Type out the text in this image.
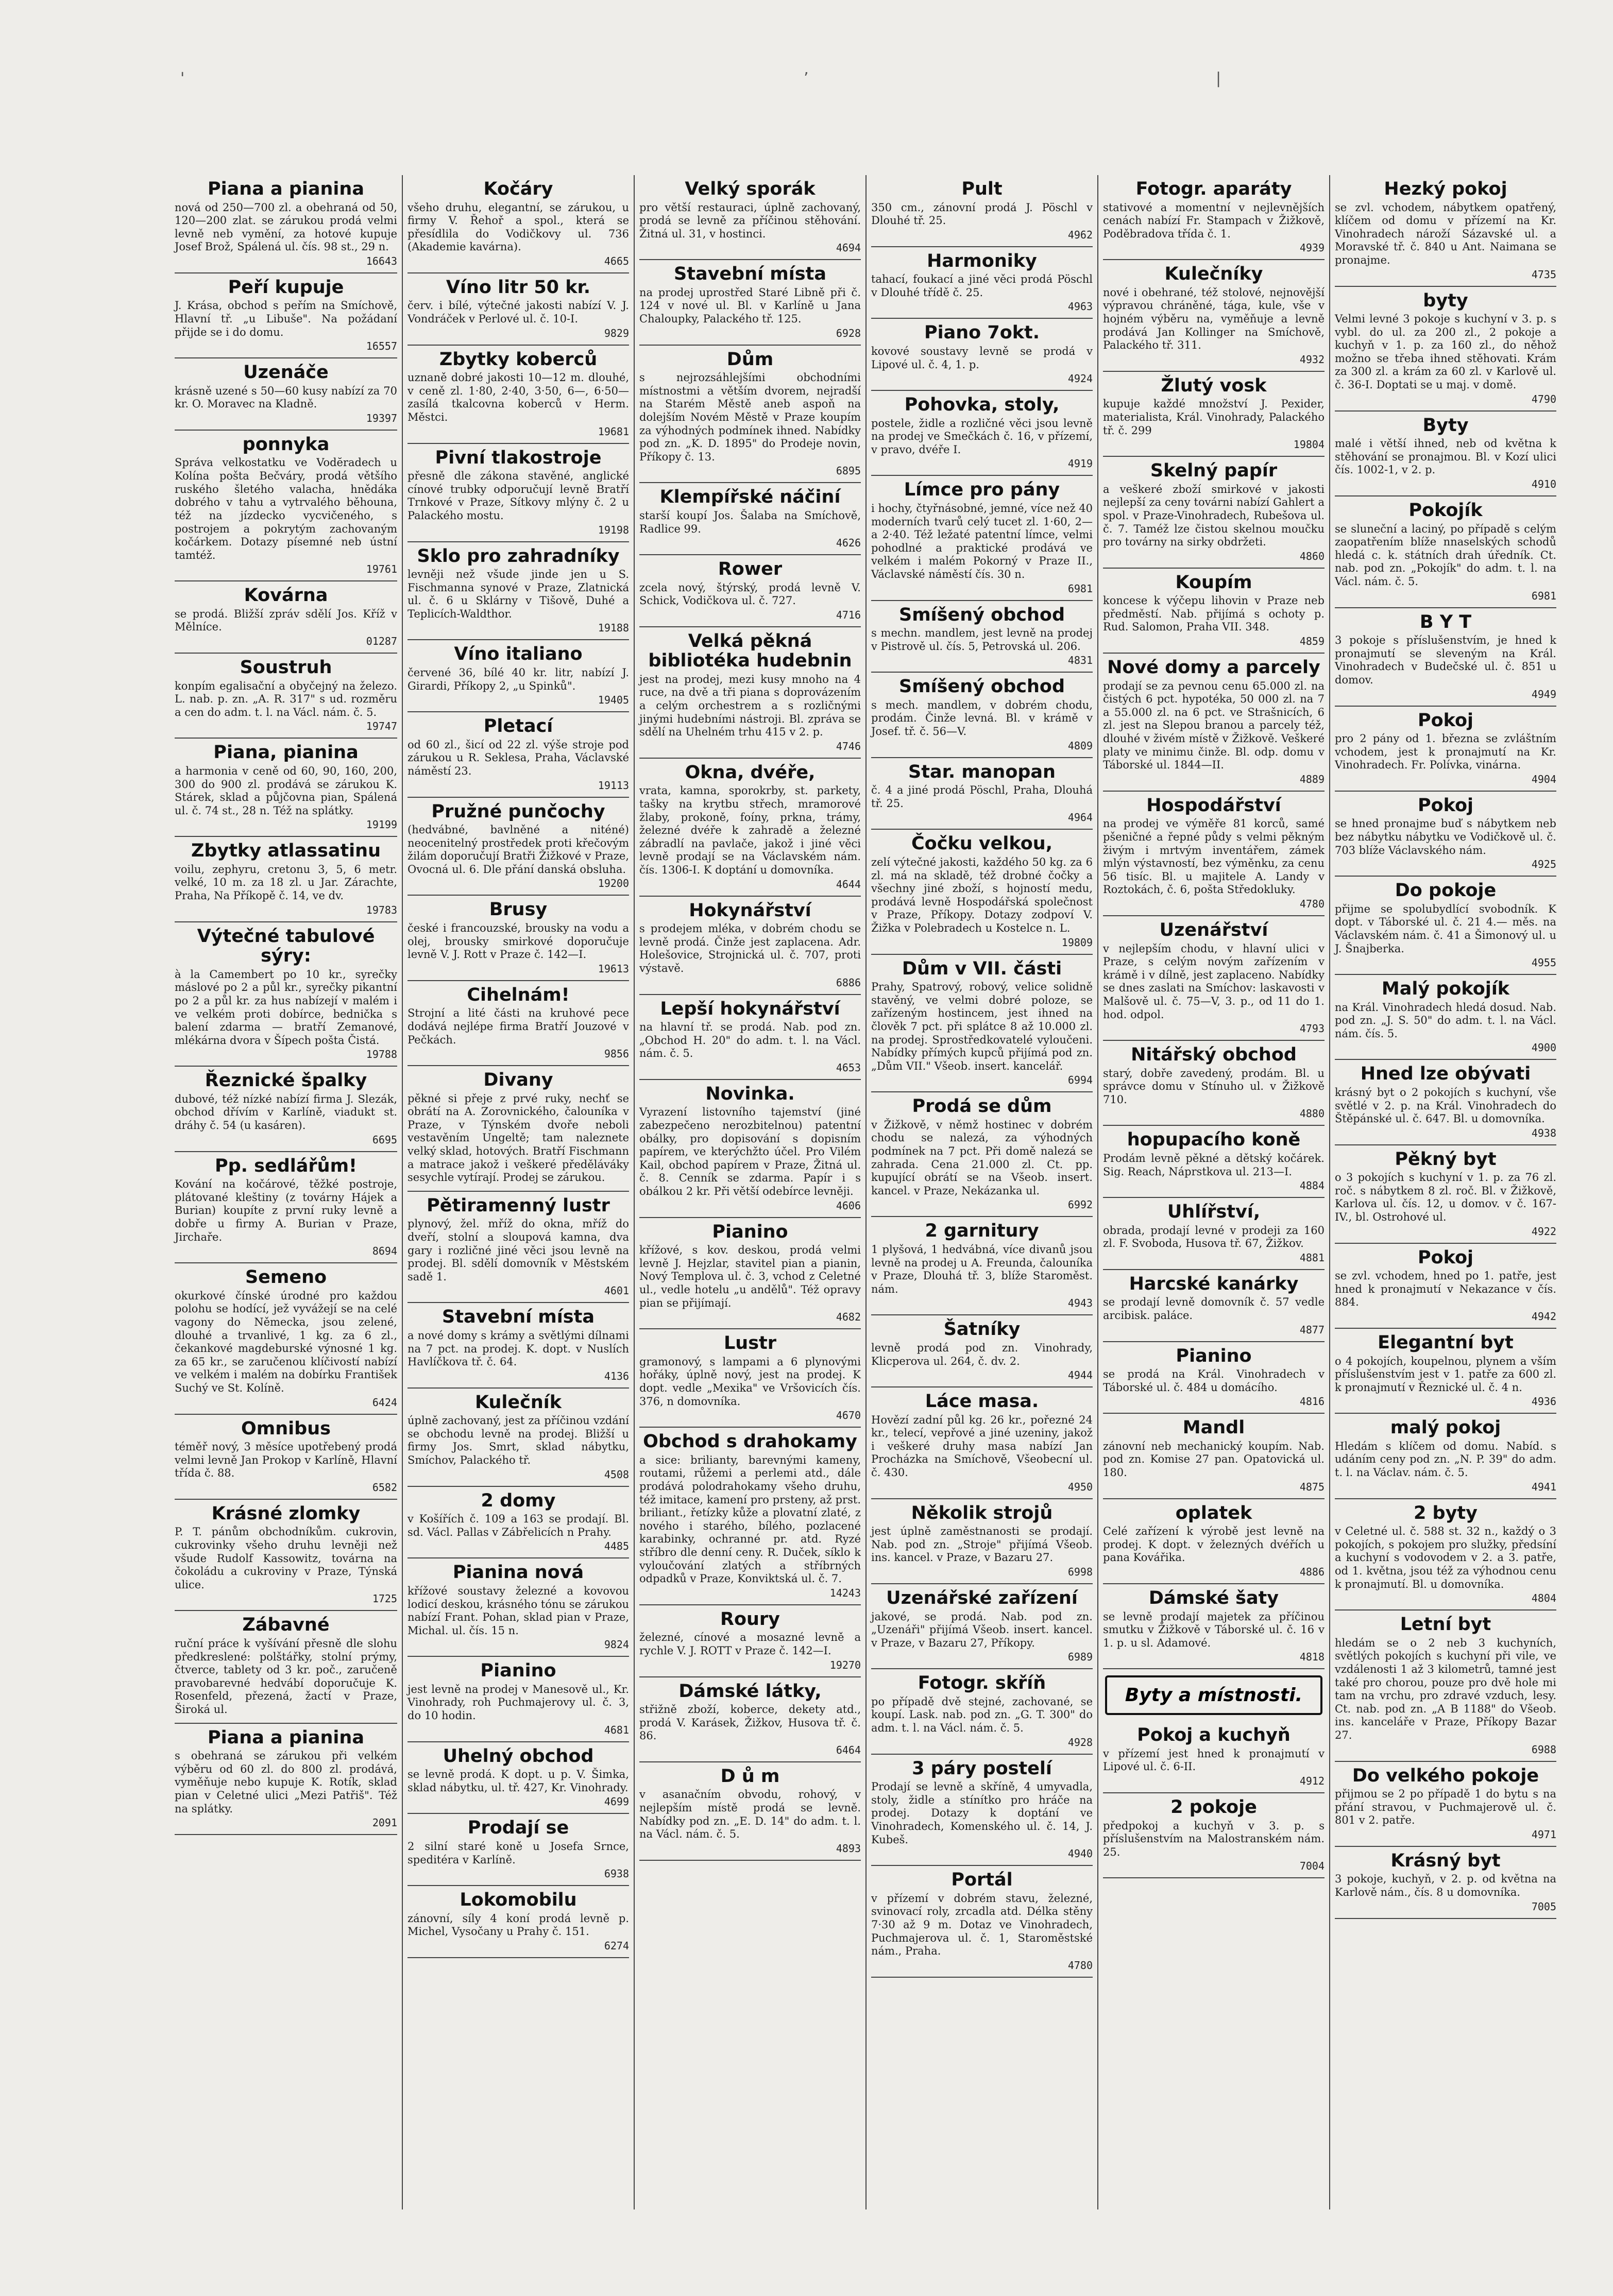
'	’	|
Piana a pianina

nová od 250—700 zl. a obehraná od 50, 120—200 zlat. se zárukou prodá velmi levně neb vymění, za hotové kupuje Josef Brož, Spálená ul. čís. 98 st., 29 n.

16643
Peří kupuje

J. Krása, obchod s peřím na Smíchově, Hlavní tř. „u Libuše". Na požádaní přijde se i do domu.

16557
Uzenáče

krásně uzené s 50—60 kusy nabízí za 70 kr. O. Moravec na Kladně.

19397
ponnyka

Správa velkostatku ve Vodĕradech u Kolína pošta Bečváry, prodá většího ruského šletého valacha, hnědáka dobrého v tahu a vytrvalého běhouna, též na jízdecko vycvičeného, s postrojem a pokrytým zachovaným kočárkem. Dotazy písemné neb ústní tamtéž.

19761
Kovárna

se prodá. Bližší zpráv sdělí Jos. Kříž v Mělníce.

01287
Soustruh

konpím egalisační a obyčejný na železo. L. nab. p. zn. „A. R. 317" s ud. rozměru a cen do adm. t. l. na Václ. nám. č. 5.

19747
Piana, pianina

a harmonia v ceně od 60, 90, 160, 200, 300 do 900 zl. prodává se zárukou K. Stárek, sklad a půjčovna pian, Spálená ul. č. 74 st., 28 n. Též na splátky.

19199
Zbytky atlassatinu

voilu, zephyru, cretonu 3, 5, 6 metr. velké, 10 m. za 18 zl. u Jar. Zárachte, Praha, Na Příkopě č. 14, ve dv.

19783
Výtečné tabulové sýry:

à la Camembert po 10 kr., syrečky máslové po 2 a půl kr., syrečky pikantní po 2 a půl kr. za hus nabízejí v malém i ve velkém proti dobírce, bednička s balení zdarma — bratří Zemanové, mlékárna dvora v Šípech pošta Čistá.

19788
Řeznické špalky

dubové, též nízké nabízí firma J. Slezák, obchod dřívím v Karlíně, viadukt st. dráhy č. 54 (u kasáren).

6695
Pp. sedlářům!

Kování na kočárové, těžké postroje, plátované kleštiny (z továrny Hájek a Burian) koupíte z první ruky levně a dobře u firmy A. Burian v Praze, Jirchaře.

8694
Semeno

okurkové čínské úrodné pro každou polohu se hodící, jež vyvážejí se na celé vagony do Německa, jsou zelené, dlouhé a trvanlivé, 1 kg. za 6 zl., čekankové magdeburské výnosné 1 kg. za 65 kr., se zaručenou klíčivostí nabízí ve velkém i malém na dobírku František Suchý ve St. Kolíně.

6424
Omnibus

téměř nový, 3 měsíce upotřebený prodá velmi levně Jan Prokop v Karlíně, Hlavní třída č. 88.

6582
Krásné zlomky

P. T. pánům obchodníkům. cukrovin, cukrovinky všeho druhu levněji než všude Rudolf Kassowitz, továrna na čokoládu a cukroviny v Praze, Týnská ulice.

1725
Zábavné

ruční práce k vyšívání přesně dle slohu předkreslené: polštářky, stolní prýmy, čtverce, tablety od 3 kr. poč., zaručeně pravobarevné hedvábí doporučuje K. Rosenfeld, přezená, žactí v Praze, Široká ul.

Piana a pianina

s obehraná se zárukou při velkém výběru od 60 zl. do 800 zl. prodává, vyměňuje nebo kupuje K. Rotík, sklad pian v Celetné ulici „Mezi Patřiš". Též na splátky.

2091
Kočáry

všeho druhu, elegantní, se zárukou, u firmy V. Řehoř a spol., která se přesídlila do Vodičkovy ul. 736 (Akademie kavárna).

4665
Víno litr 50 kr.

červ. i bílé, výtečné jakosti nabízí V. J. Vondráček v Perlové ul. č. 10-I.

9829
Zbytky koberců

uznaně dobré jakosti 10—12 m. dlouhé, v ceně zl. 1·80, 2·40, 3·50, 6—, 6·50— zasílá tkalcovna koberců v Herm. Městci.

19681
Pivní tlakostroje

přesně dle zákona stavěné, anglické cínové trubky odporučují levně Bratří Trnkové v Praze, Sítkovy mlýny č. 2 u Palackého mostu.

19198
Sklo pro zahradníky

levněji než všude jinde jen u S. Fischmanna synové v Praze, Zlatnická ul. č. 6 u Sklárny v Tišově, Duhé a Teplicích-Waldthor.

19188
Víno italiano

červené 36, bílé 40 kr. litr, nabízí J. Girardi, Příkopy 2, „u Spinků".

19405
Pletací

od 60 zl., šicí od 22 zl. výše stroje pod zárukou u R. Seklesa, Praha, Václavské náměstí 23.

19113
Pružné punčochy

(hedvábné, bavlněné a niténé) neocenitelný prostředek proti křečovým žilám doporučují Bratři Žižkové v Praze, Ovocná ul. 6. Dle přání danská obsluha.

19200
Brusy

české i francouzské, brousky na vodu a olej, brousky smirkové doporučuje levně V. J. Rott v Praze č. 142—I.

19613
Cihelnám!

Strojní a lité části na kruhové pece dodává nejlépe firma Bratří Jouzové v Pečkách.

9856
Divany

pěkné si přeje z prvé ruky, nechť se obrátí na A. Zorovnického, čalouníka v Praze, v Týnském dvoře neboli vestavěním Ungeltě; tam naleznete velký sklad, hotových. Bratří Fischmann a matrace jakož i veškeré předěláváky sesychle vytírají. Prodej se zárukou.

Pětiramenný lustr

plynový, žel. mříž do okna, mříž do dveří, stolní a sloupová kamna, dva gary i rozličné jiné věci jsou levně na prodej. Bl. sdělí domovník v Městském sadě 1.

4601
Stavební místa

a nové domy s krámy a světlými dílnami na 7 pct. na prodej. K. dopt. v Nuslích Havlíčkova tř. č. 64.

4136
Kulečník

úplně zachovaný, jest za příčinou vzdání se obchodu levně na prodej. Bližší u firmy Jos. Smrt, sklad nábytku, Smíchov, Palackého tř.

4508
2 domy

v Košířích č. 109 a 163 se prodají. Bl. sd. Václ. Pallas v Zábřelicích n Prahy.

4485
Pianina nová

křížové soustavy železné a kovovou lodicí deskou, krásného tónu se zárukou nabízí Frant. Pohan, sklad pian v Praze, Michal. ul. čís. 15 n.

9824
Pianino

jest levně na prodej v Manesově ul., Kr. Vinohrady, roh Puchmajerovy ul. č. 3, do 10 hodin.

4681
Uhelný obchod

se levně prodá. K dopt. u p. V. Šimka, sklad nábytku, ul. tř. 427, Kr. Vinohrady.

4699
Prodají se

2 silní staré koně u Josefa Srnce, speditéra v Karlíně.

6938
Lokomobilu

zánovní, síly 4 koní prodá levně p. Michel, Vysočany u Prahy č. 151.

6274
Velký sporák

pro větší restauraci, úplně zachovaný, prodá se levně za příčinou stěhování. Žitná ul. 31, v hostinci.

4694
Stavební místa

na prodej uprostřed Staré Libně při č. 124 v nové ul. Bl. v Karlíně u Jana Chaloupky, Palackého tř. 125.

6928
Dům

s nejrozsáhlejšími obchodními místnostmi a větším dvorem, nejradší na Starém Městě aneb aspoň na dolejším Novém Městě v Praze koupím za výhodných podmínek ihned. Nabídky pod zn. „K. D. 1895" do Prodeje novin, Příkopy č. 13.

6895
Klempířské náčiní

starší koupí Jos. Šalaba na Smíchově, Radlice 99.

4626
Rower

zcela nový, štýrský, prodá levně V. Schick, Vodičkova ul. č. 727.

4716
Velká pěkná bibliotéka hudebnin

jest na prodej, mezi kusy mnoho na 4 ruce, na dvě a tři piana s doprovázením a celým orchestrem a s rozličnými jinými hudebními nástroji. Bl. zpráva se sdělí na Uhelném trhu 415 v 2. p.

4746
Okna, dvéře,

vrata, kamna, sporokrby, st. parkety, tašky na krytbu střech, mramorové žlaby, prokoně, foíny, prkna, trámy, železné dvéře k zahradě a železné zábradlí na pavlače, jakož i jiné věci levně prodají se na Václavském nám. čís. 1306-I. K doptání u domovníka.

4644
Hokynářství

s prodejem mléka, v dobrém chodu se levně prodá. Činže jest zaplacena. Adr. Holešovice, Strojnická ul. č. 707, proti výstavě.

6886
Lepší hokynářství

na hlavní tř. se prodá. Nab. pod zn. „Obchod H. 20" do adm. t. l. na Václ. nám. č. 5.

4653
Novinka.

Vyrazení listovního tajemství (jiné zabezpečeno nerozbitelnou) patentní obálky, pro dopisování s dopisním papírem, ve kterýchžto účel. Pro Vilém Kail, obchod papírem v Praze, Žitná ul. č. 8. Cenník se zdarma. Papír i s obálkou 2 kr. Při větší odebírce levněji.

4606
Pianino

křížové, s kov. deskou, prodá velmi levně J. Hejzlar, stavitel pian a pianin, Nový Templova ul. č. 3, vchod z Celetné ul., vedle hotelu „u andělů". Též opravy pian se přijímají.

4682
Lustr

gramonový, s lampami a 6 plynovými hořáky, úplně nový, jest na prodej. K dopt. vedle „Mexika" ve Vršovicích čís. 376, n domovníka.

4670
Obchod s drahokamy

a sice: brilianty, barevnými kameny, routami, růžemi a perlemi atd., dále prodává polodrahokamy všeho druhu, též imitace, kamení pro prsteny, až prst. briliant., řetízky kůže a plovatní zlaté, z nového i starého, bílého, pozlacené karabinky, ochranné pr. atd. Ryzé stříbro dle denní ceny. R. Duček, síklo k vyloučování zlatých a stříbrných odpadků v Praze, Konviktská ul. č. 7.

14243
Roury

železné, cínové a mosazné levně a rychle V. J. ROTT v Praze č. 142—I.

19270
Dámské látky,

střižně zboží, koberce, dekety atd., prodá V. Karásek, Žižkov, Husova tř. č. 86.

6464
D ů m

v asanačním obvodu, rohový, v nejlepším místě prodá se levně. Nabídky pod zn. „E. D. 14" do adm. t. l. na Václ. nám. č. 5.

4893
Pult

350 cm., zánovní prodá J. Pöschl v Dlouhé tř. 25.

4962
Harmoniky

tahací, foukací a jiné věci prodá Pöschl v Dlouhé třídě č. 25.

4963
Piano 7okt.

kovové soustavy levně se prodá v Lipové ul. č. 4, 1. p.

4924
Pohovka, stoly,

postele, židle a rozličné věci jsou levně na prodej ve Smečkách č. 16, v přízemí, v pravo, dvéře I.

4919
Límce pro pány

i hochy, čtyřnásobné, jemné, více než 40 moderních tvarů celý tucet zl. 1·60, 2— a 2·40. Též ležaté patentní límce, velmi pohodlné a praktické prodává ve velkém i malém Pokorný v Praze II., Václavské náměstí čís. 30 n.

6981
Smíšený obchod

s mechn. mandlem, jest levně na prodej v Pistrově ul. čís. 5, Petrovská ul. 206.

4831
Smíšený obchod

s mech. mandlem, v dobrém chodu, prodám. Činže levná. Bl. v krámě v Josef. tř. č. 56—V.

4809
Star. manopan

č. 4 a jiné prodá Pöschl, Praha, Dlouhá tř. 25.

4964
Čočku velkou,

zelí výtečné jakosti, každého 50 kg. za 6 zl. má na skladě, též drobné čočky a všechny jiné zboží, s hojností medu, prodává levně Hospodářská společnost v Praze, Příkopy. Dotazy zodpoví V. Žižka v Polebradech u Kostelce n. L.

19809
Dům v VII. části

Prahy, Spatrový, robový, velice solidně stavěný, ve velmi dobré poloze, se zařízeným hostincem, jest ihned na člověk 7 pct. při splátce 8 až 10.000 zl. na prodej. Sprostředkovatelé vyloučeni. Nabídky přímých kupců přijímá pod zn. „Dům VII." Všeob. insert. kancelář.

6994
Prodá se dům

v Žižkově, v němž hostinec v dobrém chodu se nalezá, za výhodných podmínek na 7 pct. Při domě nalezá se zahrada. Cena 21.000 zl. Ct. pp. kupující obrátí se na Všeob. insert. kancel. v Praze, Nekázanka ul.

6992
2 garnitury

1 plyšová, 1 hedvábná, více divanů jsou levně na prodej u A. Freunda, čalouníka v Praze, Dlouhá tř. 3, blíže Staroměst. nám.

4943
Šatníky

levně prodá pod zn. Vinohrady, Klicperova ul. 264, č. dv. 2.

4944
Láce masa.

Hovězí zadní půl kg. 26 kr., pořezné 24 kr., telecí, vepřové a jiné uzeniny, jakož i veškeré druhy masa nabízí Jan Procházka na Smíchově, Všeobecní ul. č. 430.

4950
Několik strojů

jest úplně zaměstnanosti se prodají. Nab. pod zn. „Stroje" přijímá Všeob. ins. kancel. v Praze, v Bazaru 27.

6998
Uzenářské zařízení

jakové, se prodá. Nab. pod zn. „Uzenáři" přijímá Všeob. insert. kancel. v Praze, v Bazaru 27, Příkopy.

6989
Fotogr. skříň

po případě dvě stejné, zachované, se koupí. Lask. nab. pod zn. „G. T. 300" do adm. t. l. na Václ. nám. č. 5.

4928
3 páry postelí

Prodají se levně a skříně, 4 umyvadla, stoly, židle a stínítko pro hráče na prodej. Dotazy k doptání ve Vinohradech, Komenského ul. č. 14, J. Kubeš.

4940
Portál

v přízemí v dobrém stavu, železné, svinovací roly, zrcadla atd. Délka stěny 7·30 až 9 m. Dotaz ve Vinohradech, Puchmajerova ul. č. 1, Staroměstské nám., Praha.

4780
Fotogr. aparáty

stativové a momentní v nejlevnějších cenách nabízí Fr. Stampach v Žižkově, Poděbradova třída č. 1.

4939
Kulečníky

nové i obehrané, též stolové, nejnovější výpravou chráněné, tága, kule, vše v hojném výběru na, vyměňuje a levně prodává Jan Kollinger na Smíchově, Palackého tř. 311.

4932
Žlutý vosk

kupuje každé množství J. Pexider, materialista, Král. Vinohrady, Palackého tř. č. 299

19804
Skelný papír

a veškeré zboží smirkové v jakosti nejlepší za ceny továrni nabízí Gahlert a spol. v Praze-Vinohradech, Rubešova ul. č. 7. Taméž lze čistou skelnou moučku pro továrny na sirky obdržeti.

4860
Koupím

koncese k výčepu lihovin v Praze neb předměstí. Nab. přijímá s ochoty p. Rud. Salomon, Praha VII. 348.

4859
Nové domy a parcely

prodají se za pevnou cenu 65.000 zl. na čistých 6 pct. hypotéka, 50 000 zl. na 7 a 55.000 zl. na 6 pct. ve Strašnicích, 6 zl. jest na Slepou branou a parcely též, dlouhé v živém místě v Žižkově. Veškeré platy ve minimu činže. Bl. odp. domu v Táborské ul. 1844—II.

4889
Hospodářství

na prodej ve výměře 81 korců, samé pšeničné a řepné půdy s velmi pěkným živým i mrtvým inventářem, zámek mlýn výstavností, bez výměnku, za cenu 56 tisíc. Bl. u majitele A. Landy v Roztokách, č. 6, pošta Středokluky.

4780
Uzenářství

v nejlepším chodu, v hlavní ulici v Praze, s celým novým zařízením v krámě i v dílně, jest zaplaceno. Nabídky se dnes zaslati na Smíchov: laskavosti v Malšově ul. č. 75—V, 3. p., od 11 do 1. hod. odpol.

4793
Nitářský obchod

starý, dobře zavedený, prodám. Bl. u správce domu v Stínuho ul. v Žižkově 710.

4880
hopupacího koně

Prodám levně pěkné a dětský kočárek. Sig. Reach, Náprstkova ul. 213—I.

4884
Uhlířství,

obrada, prodají levné v prodeji za 160 zl. F. Svoboda, Husova tř. 67, Žižkov.

4881
Harcské kanárky

se prodají levně domovník č. 57 vedle arcibisk. paláce.

4877
Pianino

se prodá na Král. Vinohradech v Táborské ul. č. 484 u domácího.

4816
Mandl

zánovní neb mechanický koupím. Nab. pod zn. Komise 27 pan. Opatovická ul. 180.

4875
oplatek

Celé zařízení k výrobě jest levně na prodej. K dopt. v železných dvéřích u pana Kovářika.

4886
Dámské šaty

se levně prodají majetek za příčinou smutku v Žižkově v Táborské ul. č. 16 v 1. p. u sl. Adamové.

4818
Byty a místnosti.
Pokoj a kuchyň

v přízemí jest hned k pronajmutí v Lipové ul. č. 6-II.

4912
2 pokoje

předpokoj a kuchyň v 3. p. s příslušenstvím na Malostranském nám. 25.

7004
Hezký pokoj

se zvl. vchodem, nábytkem opatřený, klíčem od domu v přízemí na Kr. Vinohradech nároží Sázavské ul. a Moravské tř. č. 840 u Ant. Naimana se pronajme.

4735
byty

Velmi levné 3 pokoje s kuchyní v 3. p. s vybl. do ul. za 200 zl., 2 pokoje a kuchyň v 1. p. za 160 zl., do něhož možno se třeba ihned stěhovati. Krám za 300 zl. a krám za 60 zl. v Karlově ul. č. 36-I. Doptati se u maj. v domě.

4790
Byty

malé i větší ihned, neb od května k stěhování se pronajmou. Bl. v Kozí ulici čís. 1002-1, v 2. p.

4910
Pokojík

se sluneční a laciný, po případě s celým zaopatřením blíže nnaselských schodů hledá c. k. státních drah úředník. Ct. nab. pod zn. „Pokojík" do adm. t. l. na Václ. nám. č. 5.

6981
B Y T

3 pokoje s příslušenstvím, je hned k pronajmutí se sleveným na Král. Vinohradech v Budečské ul. č. 851 u domov.

4949
Pokoj

pro 2 pány od 1. března se zvláštním vchodem, jest k pronajmutí na Kr. Vinohradech. Fr. Polívka, vinárna.

4904
Pokoj

se hned pronajme buď s nábytkem neb bez nábytku nábytku ve Vodičkově ul. č. 703 blíže Václavského nám.

4925
Do pokoje

přijme se spolubydlící svobodník. K dopt. v Táborské ul. č. 21 4.— měs. na Václavském nám. č. 41 a Šimonový ul. u J. Šnajberka.

4955
Malý pokojík

na Král. Vinohradech hledá dosud. Nab. pod zn. „J. S. 50" do adm. t. l. na Václ. nám. čís. 5.

4900
Hned lze obývati

krásný byt o 2 pokojích s kuchyní, vše světlé v 2. p. na Král. Vinohradech do Štěpánské ul. č. 647. Bl. u domovníka.

4938
Pěkný byt

o 3 pokojích s kuchyní v 1. p. za 76 zl. roč. s nábytkem 8 zl. roč. Bl. v Žižkově, Karlova ul. čís. 12, u domov. v č. 167-IV., bl. Ostrohové ul.

4922
Pokoj

se zvl. vchodem, hned po 1. patře, jest hned k pronajmutí v Nekazance v čís. 884.

4942
Elegantní byt

o 4 pokojích, koupelnou, plynem a vším příslušenstvím jest v 1. patře za 600 zl. k pronajmutí v Řeznické ul. č. 4 n.

4936
malý pokoj

Hledám s klíčem od domu. Nabíd. s udáním ceny pod zn. „N. P. 39" do adm. t. l. na Václav. nám. č. 5.

4941
2 byty

v Celetné ul. č. 588 st. 32 n., každý o 3 pokojích, s pokojem pro služky, předsíní a kuchyní s vodovodem v 2. a 3. patře, od 1. května, jsou též za výhodnou cenu k pronajmutí. Bl. u domovníka.

4804
Letní byt

hledám se o 2 neb 3 kuchyních, světlých pokojích s kuchyní při vile, ve vzdálenosti 1 až 3 kilometrů, tamné jest také pro chorou, pouze pro dvě hole mi tam na vrchu, pro zdravé vzduch, lesy. Ct. nab. pod zn. „A B 1188" do Všeob. ins. kanceláře v Praze, Příkopy Bazar 27.

6988
Do velkého pokoje

přijmou se 2 po případě 1 do bytu s na přání stravou, v Puchmajerově ul. č. 801 v 2. patře.

4971
Krásný byt

3 pokoje, kuchyň, v 2. p. od května na Karlově nám., čís. 8 u domovníka.

7005
